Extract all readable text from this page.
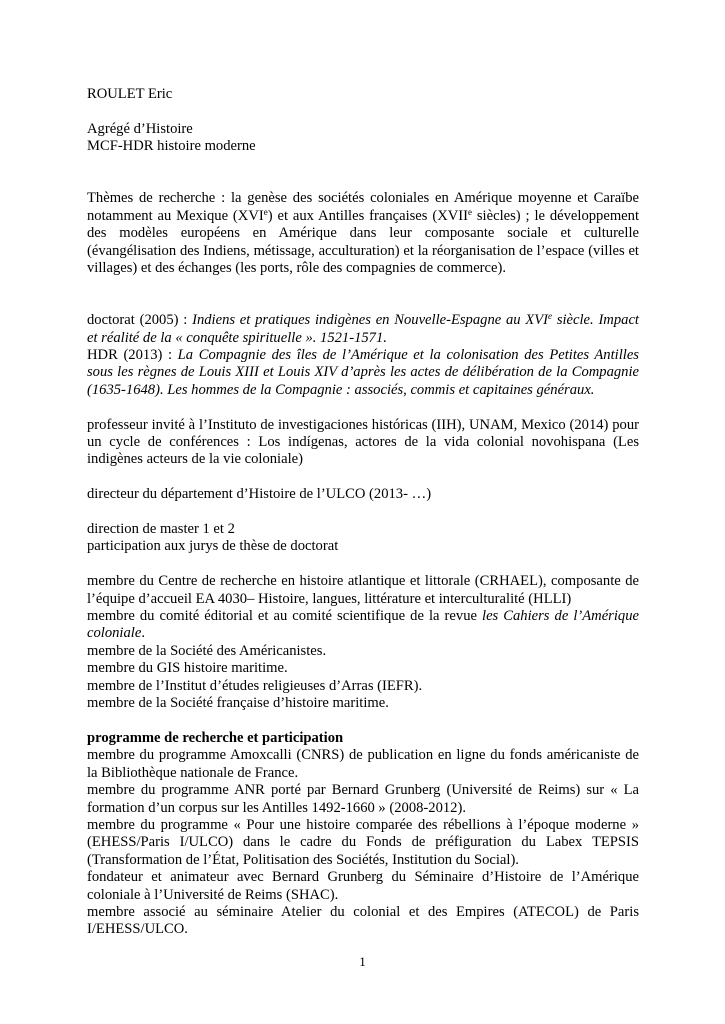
ROULET Eric

Agrégé d’Histoire

MCF-HDR histoire moderne

Thèmes de recherche : la genèse des sociétés coloniales en Amérique moyenne et Caraïbe notamment au Mexique (XVIe) et aux Antilles françaises (XVIIe siècles) ; le développement des modèles européens en Amérique dans leur composante sociale et culturelle (évangélisation des Indiens, métissage, acculturation) et la réorganisation de l’espace (villes et villages) et des échanges (les ports, rôle des compagnies de commerce).

doctorat (2005) : Indiens et pratiques indigènes en Nouvelle-Espagne au XVIe siècle. Impact et réalité de la « conquête spirituelle ». 1521-1571.

HDR (2013) : La Compagnie des îles de l’Amérique et la colonisation des Petites Antilles sous les règnes de Louis XIII et Louis XIV d’après les actes de délibération de la Compagnie (1635-1648). Les hommes de la Compagnie : associés, commis et capitaines généraux.

professeur invité à l’Instituto de investigaciones históricas (IIH), UNAM, Mexico (2014) pour un cycle de conférences : Los indígenas, actores de la vida colonial novohispana (Les indigènes acteurs de la vie coloniale)

directeur du département d’Histoire de l’ULCO (2013- …)

direction de master 1 et 2

participation aux jurys de thèse de doctorat

membre du Centre de recherche en histoire atlantique et littorale (CRHAEL), composante de l’équipe d’accueil EA 4030– Histoire, langues, littérature et interculturalité (HLLI)

membre du comité éditorial et au comité scientifique de la revue les Cahiers de l’Amérique coloniale.

membre de la Société des Américanistes.

membre du GIS histoire maritime.

membre de l’Institut d’études religieuses d’Arras (IEFR).

membre de la Société française d’histoire maritime.

programme de recherche et participation

membre du programme Amoxcalli (CNRS) de publication en ligne du fonds américaniste de la Bibliothèque nationale de France.

membre du programme ANR porté par Bernard Grunberg (Université de Reims) sur « La formation d’un corpus sur les Antilles 1492-1660 » (2008-2012).

membre du programme « Pour une histoire comparée des rébellions à l’époque moderne » (EHESS/Paris I/ULCO) dans le cadre du Fonds de préfiguration du Labex TEPSIS (Transformation de l’État, Politisation des Sociétés, Institution du Social).

fondateur et animateur avec Bernard Grunberg du Séminaire d’Histoire de l’Amérique coloniale à l’Université de Reims (SHAC).

membre associé au séminaire Atelier du colonial et des Empires (ATECOL) de Paris I/EHESS/ULCO.

1
